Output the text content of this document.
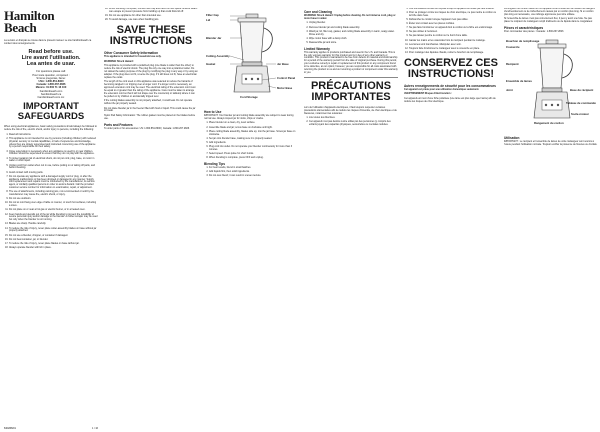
Hamilton
Beach

La version en français se trouve dans le présent manuel. Le site hamiltonbeach.ca contient des renseignements.

Read before use.
Lire avant l'utilisation.
Lea antes de usar.
For questions please call:
Pour toute question, composez :
Si tiene preguntas, llame:
USA: 1.800.851.8900
Canada: 1.800.267.2826
México: 01 800 71 16 100
hamiltonbeach.com
hamiltonbeach.ca
hamiltonbeach.com.mx
IMPORTANT SAFEGUARDS

When using electrical appliances, basic safety precautions should always be followed to reduce the risk of fire, electric shock, and/or injury to persons, including the following:

1. Read all instructions.
2. This appliance is not intended for use by persons (including children) with reduced physical, sensory or mental capabilities, or lack of experience and knowledge, unless they are closely supervised and instructed concerning use of the appliance by a person responsible for their safety.
3. Close supervision is necessary when any appliance is used by or near children. Children should be supervised to ensure that they do not play with the appliance.
4. To protect against risk of electrical shock, do not put cord, plug, base, or motor in water or other liquid.
5. Unplug cord from outlet when not in use, before putting on or taking off parts, and before cleaning.
6. Avoid contact with moving parts.
7. Do not operate any appliance with a damaged supply cord or plug, or after the appliance malfunctions or has been dropped or damaged in any manner. Supply cord replacement and repairs must be conducted by the manufacturer, its service agent, or similarly qualified persons in order to avoid a hazard. Call the provided customer service number for information on examination, repair, or adjustment.
8. The use of attachments, including canning jars, not recommended or sold by the manufacturer may cause fire, electric shock, or injury.
9. Do not use outdoors.
10. Do not let cord hang over edge of table or counter, or touch hot surfaces, including a stove.
11. Do not place on or near a hot gas or electric burner, or in a heated oven.
12. Keep hands and utensils out of the jar while blending to prevent the possibility of severe personal injury and/or damage to the blender. A rubber scraper may be used but only when the blender is not running.
13. Blades are sharp. Handle carefully.
14. To reduce the risk of injury, never place cutter-assembly blades on base without jar properly attached.
15. Do not use a blender, chopper, or container if damaged.
16. Do not heat container, jar, or blender.
17. To reduce the risk of injury, never place blades on base without jar.
18. Always operate blender with lid in place.
840288201	1 / 16
18. When blending hot liquids, remove filler cap and blend on low speed. Ensure steam can escape to prevent pressure from building up that could blow lid off.
19. Do not use appliance for other than intended use.
20. To avoid damage, use care when handling jars.
SAVE THESE INSTRUCTIONS
Other Consumer Safety Information

This appliance is intended for household use only.

WARNING! Shock Hazard:

This appliance is provided with a polarized plug (one blade is wider than the other) to reduce the risk of electric shock. The plug fits only one way into a polarized outlet. Do not defeat the safety purpose of the plug by modifying the plug in any way or by using an adapter. If the plug does not fit, reverse the plug. If it still does not fit, have an electrician replace the outlet.

The length of the cord used on this appliance was selected to reduce the hazards of becoming tangled in or tripping over a longer cord. If a longer cord is necessary, an approved extension cord may be used. The electrical rating of the extension cord must be equal to or greater than the rating of the appliance. Care must be taken to arrange the extension cord so that it will not drape over the countertop or tabletop where it can be pulled on by children or accidentally tripped over.

If the cutting blades assembly is not properly attached, it could leak. Do not operate without the jar properly seated.

Do not place blender jar in the freezer filled with food or liquid. This could cause the jar to break.

Nylon Pad Safety Information: The rubber gasket must be placed on the blades before use.

Parts and Features

To order parts or for accessories: US: 1.800.851.8900 | Canada: 1.800.267.2826

Filler Cap
Lid
Blender Jar
Cutting Assembly
Gasket	Jar Base
Motor Base
Control Panel
Cord Storage
How to Use

IMPORTANT: Your blender jar and cutting blade assembly are subject to wear during normal use. Always inspect jar for nicks, chips or cracks.

1. Place blender on a clean, dry, level surface.
2. Assemble blade and jar; screw base on clockwise until tight.
3. Place cutting blade assembly, blades side up, into the jar base. Screw jar base on clockwise.
4. Set jar onto blender base, making sure it is properly seated.
5. Add ingredients.
6. Plug cord into outlet. Do not operate your blender continuously for more than 3 minutes.
7. Select speed. Press pulse for short bursts.
8. When blending is complete, press OFF and unplug.
Blending Tips
1. For best results, blend in small batches.
2. Add liquids first, then solid ingredients.
3. Do not over-blend; it can result in uneven texture.
Care and Cleaning

WARNING! Shock Hazard: Unplug before cleaning. Do not immerse cord, plug or motor base in water.

1. Unplug blender.
2. Remove blender jar and cutting blade assembly.
3. Wash jar, lid, filler cap, gasket, and cutting blade assembly in warm, soapy water. Rinse and dry.
4. Wipe motor base with a damp cloth.
5. Reassemble jar and store.
Limited Warranty

This warranty applies to products purchased and used in the U.S. and Canada. This is the only express warranty for this product and is in lieu of any other warranty or condition. This product is warranted to be free from defects in material and workmanship for a period of the warranty period from the date of original purchase. During this period, your exclusive remedy is repair or replacement of this product or any component found to be defective, at our option; however, you are responsible for all costs associated with returning the product to us and our returning a product or component under this warranty to you.

PRÉCAUTIONS IMPORTANTES

Lors de l'utilisation d'appareils électriques, il faut toujours respecter certaines précautions élémentaires afin de réduire les risques d'incendie, de choc électrique et de blessures, notamment les suivantes :

1. Lire toutes les directives.
2. Cet appareil n'est pas destiné à être utilisé par des personnes (y compris des enfants) ayant des capacités physiques, sensorielles ou mentales réduites.
3. Une surveillance étroite est requise lorsqu'un appareil est utilisé par des enfants.
4. Pour se protéger contre les risques de choc électrique, ne pas mettre le cordon ou la fiche dans l'eau.
5. Débrancher le cordon lorsque l'appareil n'est pas utilisé.
6. Éviter tout contact avec les pièces mobiles.
7. Ne pas faire fonctionner un appareil dont le cordon ou la fiche est endommagé.
8. Ne pas utiliser à l'extérieur.
9. Ne pas laisser pendre le cordon sur le bord d'une table.
10. Garder les mains et les ustensiles hors du récipient pendant le mélange.
11. Les lames sont tranchantes. Manipuler avec soin.
12. Toujours faire fonctionner le mélangeur avec le couvercle en place.
13. Pour mélanger des liquides chauds, retirer le bouchon de remplissage.
CONSERVEZ CES INSTRUCTIONS!
Autres renseignements de sécurité pour les consommateurs

Cet appareil est prévu pour une utilisation domestique seulement.

AVERTISSEMENT Risque d'électrocution :

Cet appareil est muni d'une fiche polarisée (une lame est plus large que l'autre) afin de réduire les risques de choc électrique.

La longueur du cordon utilisé sur cet appareil a été choisie afin de réduire les dangers d'enchevêtrement ou de trébuchement causés par un cordon plus long. Si un cordon plus long est nécessaire, une rallonge approuvée peut être utilisée.

Si l'ensemble de lames n'est pas correctement fixé, il peut y avoir une fuite. Ne pas placer le récipient du mélangeur rempli d'aliments ou de liquide dans le congélateur.

Pièces et caractéristiques

Pour commander des pièces : Canada : 1.800.267.2826

Bouchon de remplissage
Couvercle
Récipient
Ensemble de lames
Joint	Base du récipient
Socle-moteur
Tableau de commande
Rangement du cordon
Utilisation

IMPORTANT : Le récipient et l'ensemble de lames de votre mélangeur sont soumis à l'usure pendant l'utilisation normale. Toujours vérifier la présence de fissures ou d'éclats.
